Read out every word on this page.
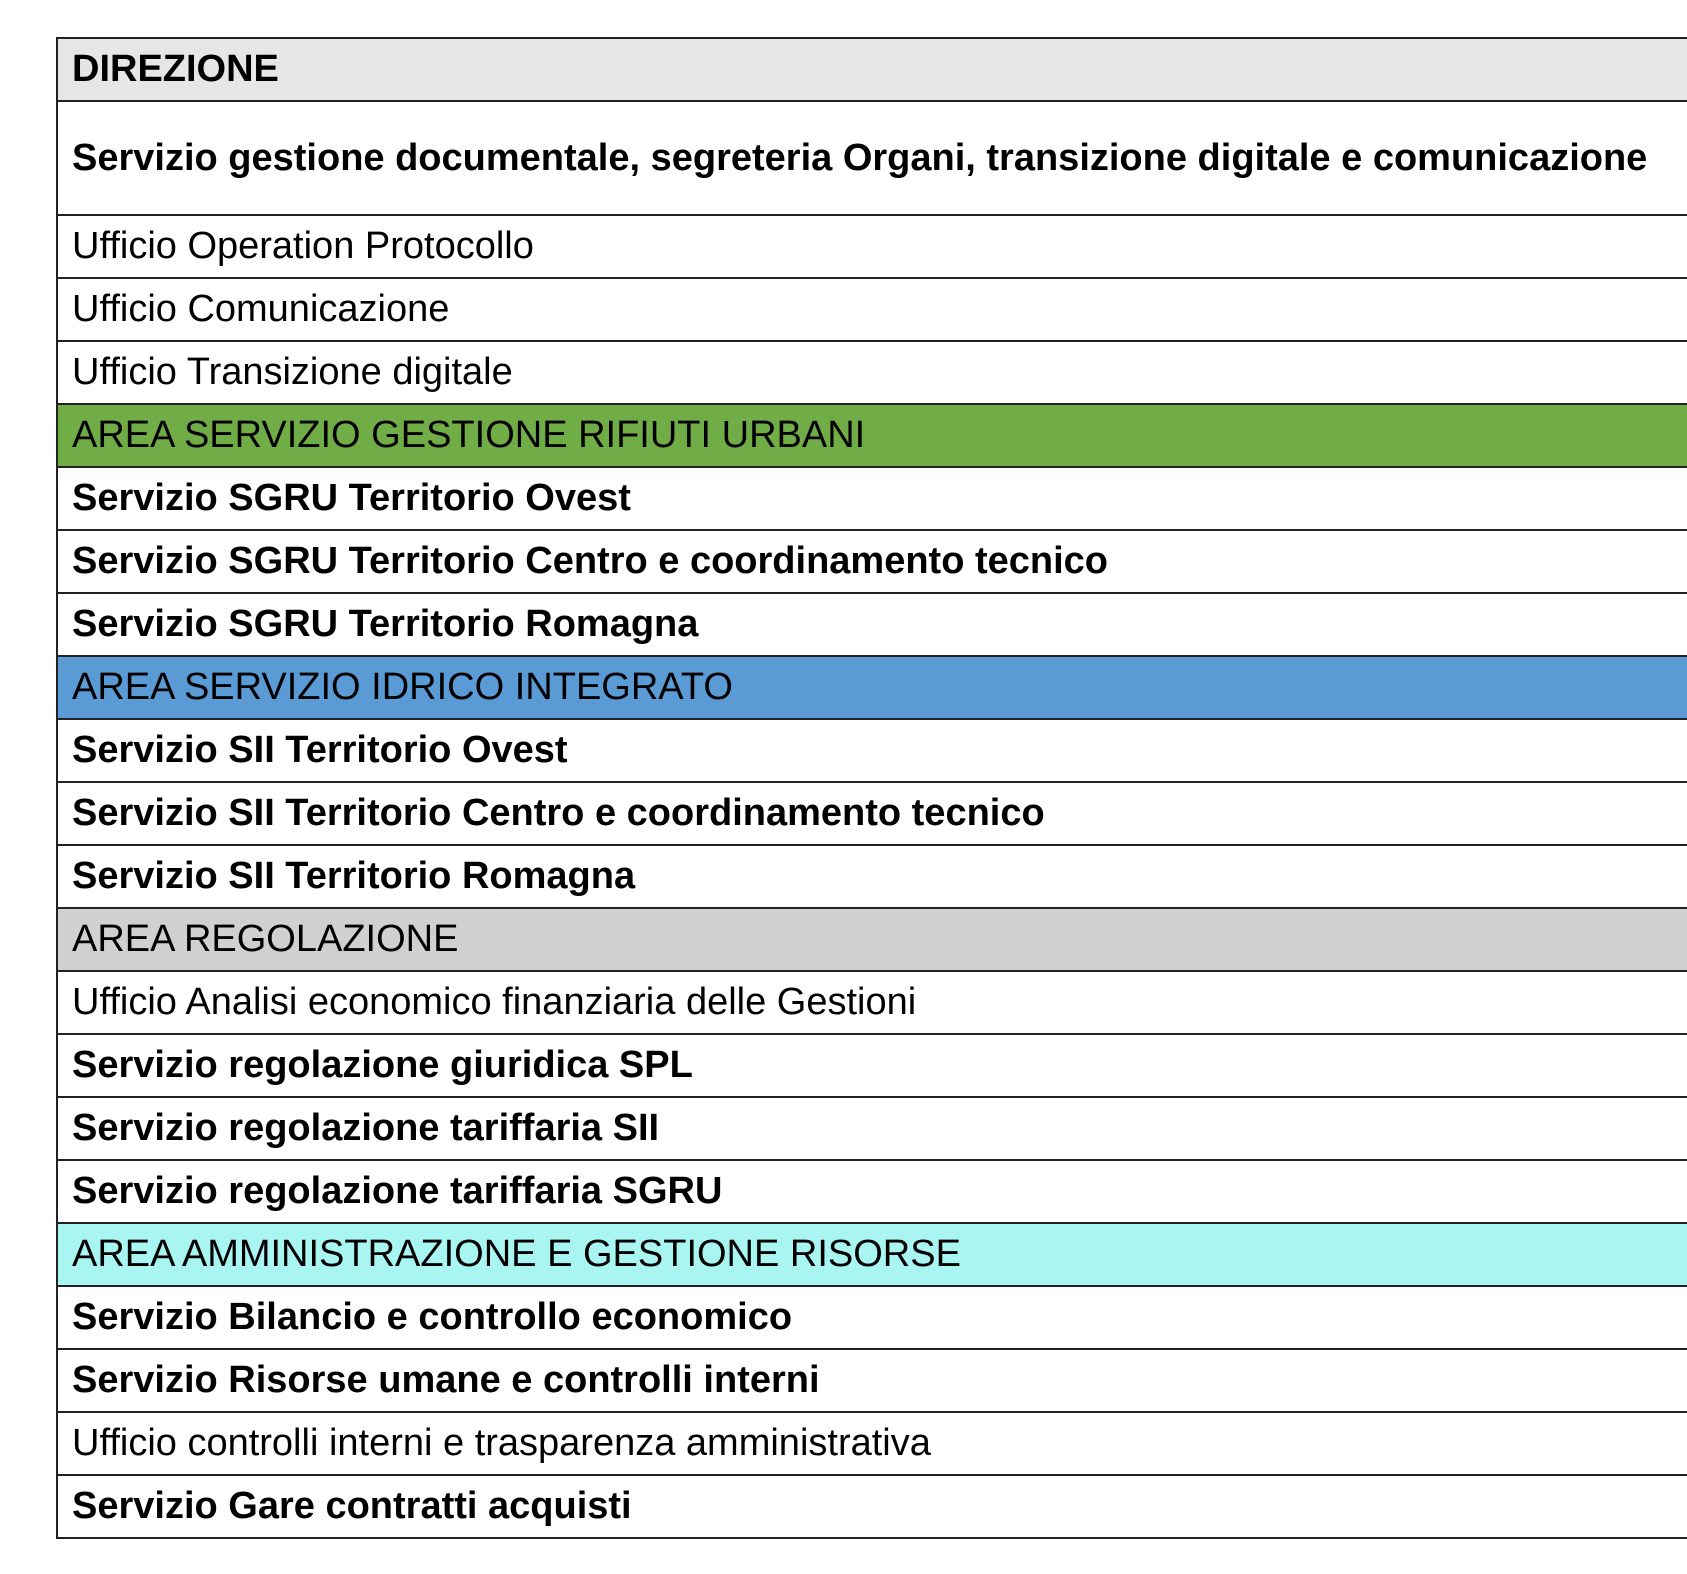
DIREZIONE
Servizio gestione documentale, segreteria Organi, transizione digitale e comunicazione
Ufficio Operation Protocollo
Ufficio Comunicazione
Ufficio Transizione digitale
AREA SERVIZIO GESTIONE RIFIUTI URBANI
Servizio SGRU Territorio Ovest
Servizio SGRU Territorio Centro e coordinamento tecnico
Servizio SGRU Territorio Romagna
AREA SERVIZIO IDRICO INTEGRATO
Servizio SII Territorio Ovest
Servizio SII Territorio Centro e coordinamento tecnico
Servizio SII Territorio Romagna
AREA REGOLAZIONE
Ufficio Analisi economico finanziaria delle Gestioni
Servizio regolazione giuridica SPL
Servizio regolazione tariffaria SII
Servizio regolazione tariffaria SGRU
AREA AMMINISTRAZIONE E GESTIONE RISORSE
Servizio Bilancio e controllo economico
Servizio Risorse umane e controlli interni
Ufficio controlli interni e trasparenza amministrativa
Servizio Gare contratti acquisti
